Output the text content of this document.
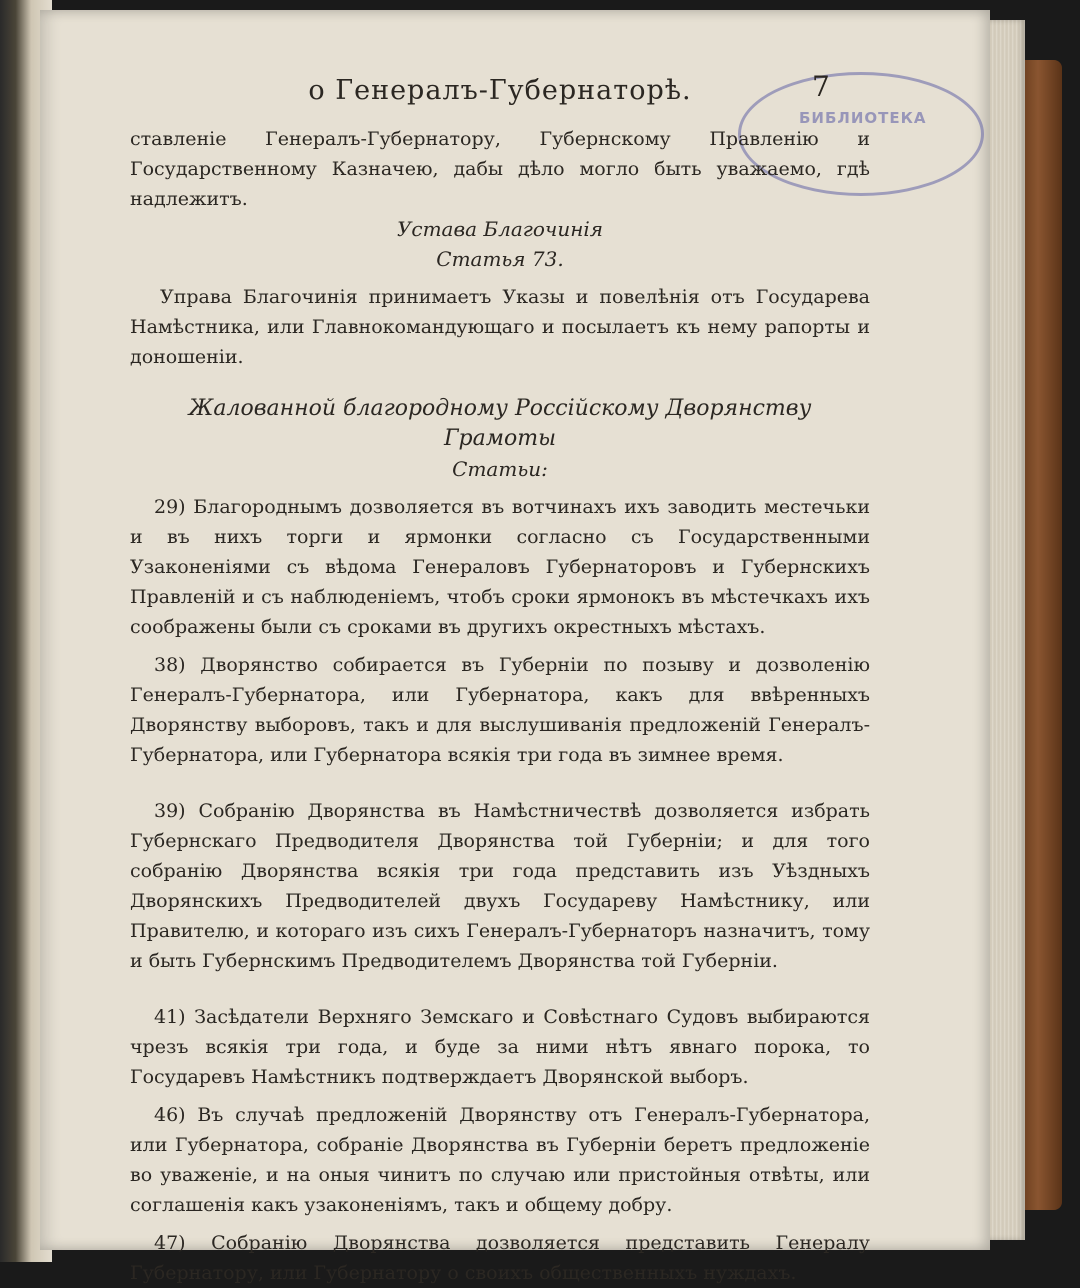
БИБЛИОТЕКА
7
о Генералъ-Губернаторѣ.

ставленіе Генералъ-Губернатору, Губернскому Правленію и Государственному Казначею, дабы дѣло могло быть уважаемо, гдѣ надлежитъ.

Устава Благочинія

Статья 73.

Управа Благочинія принимаетъ Указы и повелѣнія отъ Государева Намѣстника, или Главнокомандующаго и посылаетъ къ нему рапорты и доношеніи.

Жалованной благородному Россійскому Дворянству Грамоты

Статьи:

29) Благороднымъ дозволяется въ вотчинахъ ихъ заводить местечьки и въ нихъ торги и ярмонки согласно съ Государственными Узаконеніями съ вѣдома Генераловъ Губернаторовъ и Губернскихъ Правленій и съ наблюденіемъ, чтобъ сроки ярмонокъ въ мѣстечкахъ ихъ соображены были съ сроками въ другихъ окрестныхъ мѣстахъ.

38) Дворянство собирается въ Губерніи по позыву и дозволенію Генералъ-Губернатора, или Губернатора, какъ для ввѣренныхъ Дворянству выборовъ, такъ и для выслушиванія предложеній Генералъ-Губернатора, или Губернатора всякія три года въ зимнее время.

39) Собранію Дворянства въ Намѣстничествѣ дозволяется избрать Губернскаго Предводителя Дворянства той Губерніи; и для того собранію Дворянства всякія три года представить изъ Уѣздныхъ Дворянскихъ Предводителей двухъ Государеву Намѣстнику, или Правителю, и котораго изъ сихъ Генералъ-Губернаторъ назначитъ, тому и быть Губернскимъ Предводителемъ Дворянства той Губерніи.

41) Засѣдатели Верхняго Земскаго и Совѣстнаго Судовъ выбираются чрезъ всякія три года, и буде за ними нѣтъ явнаго порока, то Государевъ Намѣстникъ подтверждаетъ Дворянской выборъ.

46) Въ случаѣ предложеній Дворянству отъ Генералъ-Губернатора, или Губернатора, собраніе Дворянства въ Губерніи беретъ предложеніе во уваженіе, и на оныя чинитъ по случаю или пристойныя отвѣты, или соглашенія какъ узаконеніямъ, такъ и общему добру.

47) Собранію Дворянства дозволяется представить Генералу Губернатору, или Губернатору о своихъ общественныхъ нуждахъ.
